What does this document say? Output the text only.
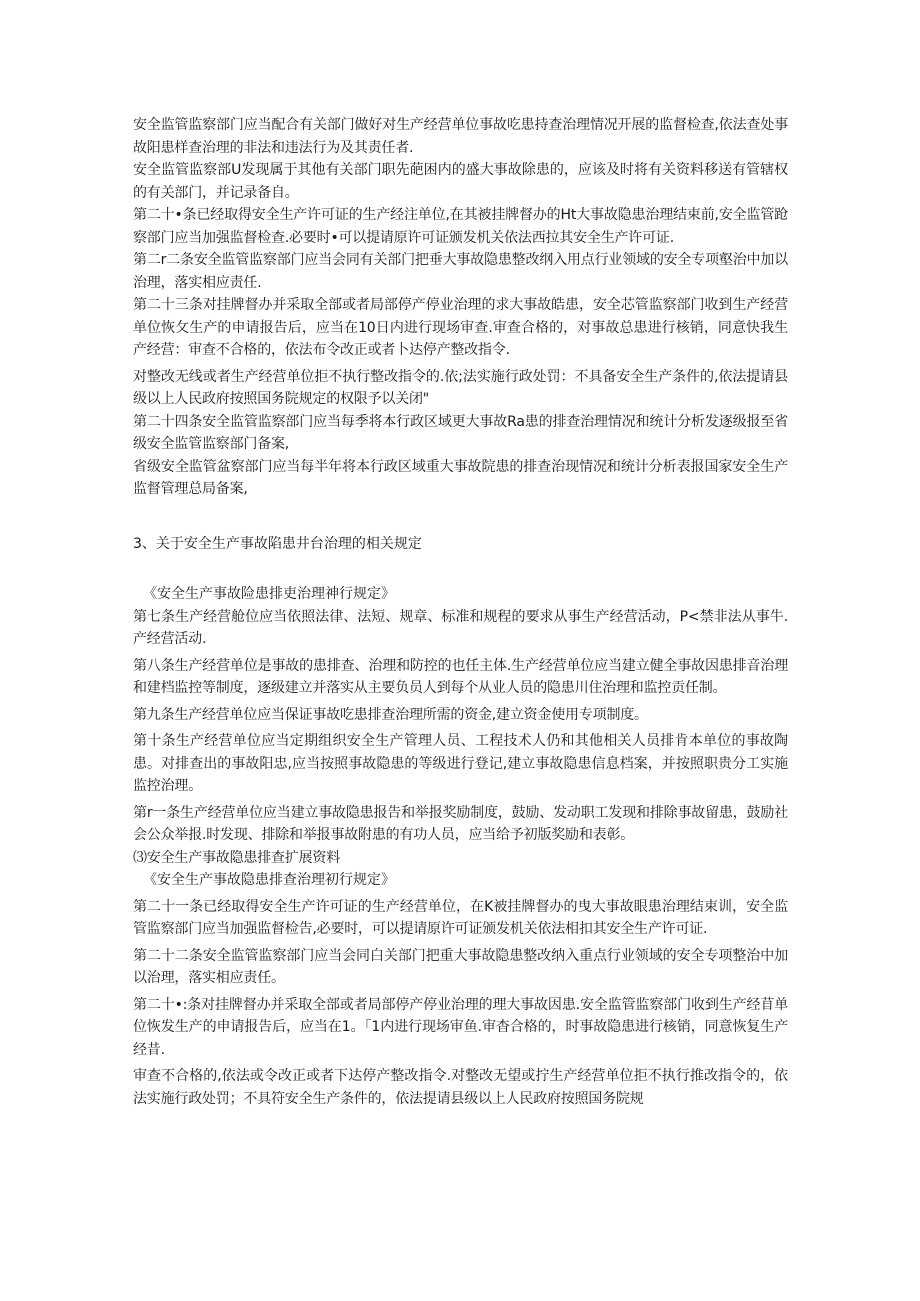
安全监管监察部门应当配合有关部门做好对生产经营单位事故吃患持查治理情况开展的监督检查,依法查处事故阳患样查治理的非法和违法行为及其责任者.

安全监管监察部U发现属于其他有关部门职先葩困内的盛大事故除患的，应该及时将有关资料移送有管辖权的有关部门，并记录备自。

第二十•条已经取得安全生产许可证的生产经注单位,在其被挂牌督办的Ht大事故隐患治理结束前,安全监管跄察部门应当加强监督检查.必要时•可以提请原许可证颁发机关依法西拉其安全生产许可证.

第二r二条安全监管监察部门应当会同有关部门把垂大事故隐患整改纲入用点行业领域的安全专项壑治中加以治理，落实相应责任.

第二十三条对挂牌督办并采取全部或者局部停产停业治理的求大事故皓患，安全芯管监察部门收到生产经营单位恢攵生产的申请报告后，应当在10日内进行现场审查.审查合格的，对事故总患进行核销，同意快我生产经营：审查不合格的，依法布令改正或者卜达停产整改指令.

对整改无线或者生产经营单位拒不执行整改指令的.依;法实施行政处罚：不具备安全生产条件的,依法提请县级以上人民政府按照国务院规定的权限予以关闭"

第二十四条安全监管监察部门应当每季将本行政区域更大事故Ra患的排查治理情况和统计分析发逐级报至省级安全监管监察部门备案,

省级安全监管盆察部门应当每半年将本行政区域重大事故院患的排查治现情况和统计分析表报国家安全生产监督管理总局备案,

3、关于安全生产事故陷患井台治理的相关规定

《安全生产事故险患排吏治理神行规定》

第七条生产经营舱位应当依照法律、法短、规章、标准和规程的要求从事生产经营活动，P<禁非法从事牛.产经营活动.

第八条生产经营单位是事故的患排查、治理和防控的也任主体.生产经营单位应当建立健全事故因患排音治理和建档监控等制度，逐级建立并落实从主要负员人到每个从业人员的隐患川住治理和监控贡任制。

第九条生产经营单位应当保证事故吃患排查治理所需的资金,建立资金使用专项制度。

第十条生产经营单位应当定期组织安全生产管理人员、工程技术人仍和其他相关人员排肯本单位的事故陶患。对排查出的事故阳忠,应当按照事故隐患的等级进行登记,建立事故隐患信息档案，并按照职贵分工实施监控治理。

第r一条生产经营单位应当建立事故隐患报告和举报奖励制度，鼓励、发动职工发现和排除事故留患，鼓励社会公众举报.时发现、排除和举报事故附患的有功人员，应当给予初版奖励和表彰。

⑶安全生产事故隐患排查扩展资料

《安全生产事故隐患排查治理初行规定》

第二十一条已经取得安全生产许可证的生产经营单位，在K被挂牌督办的曳大事故眼患治理结束训，安全监管监察部门应当加强监督检告,必要时，可以提请原许可证颁发机关依法相扣其安全生产许可证.

第二十二条安全监管监察部门应当会同白关部门把重大事故隐患整改纳入重点行业领域的安全专项整治中加以治理，落实相应责任。

第二十•:条对挂牌督办并采取全部或者局部停产停业治理的理大事故因患.安全监管监察部门收到生产经苜单位恢发生产的申请报告后，应当在1。「1内进行现场审鱼.审杳合格的，时事故隐患进行核销，同意恢复生产经昔.

审查不合格的,依法或令改正或者下达停产整改指令.对整改无望或拧生产经营单位拒不执行推改指令的，依法实施行政处罚；不具符安全生产条件的，依法提请县级以上人民政府按照国务院规
